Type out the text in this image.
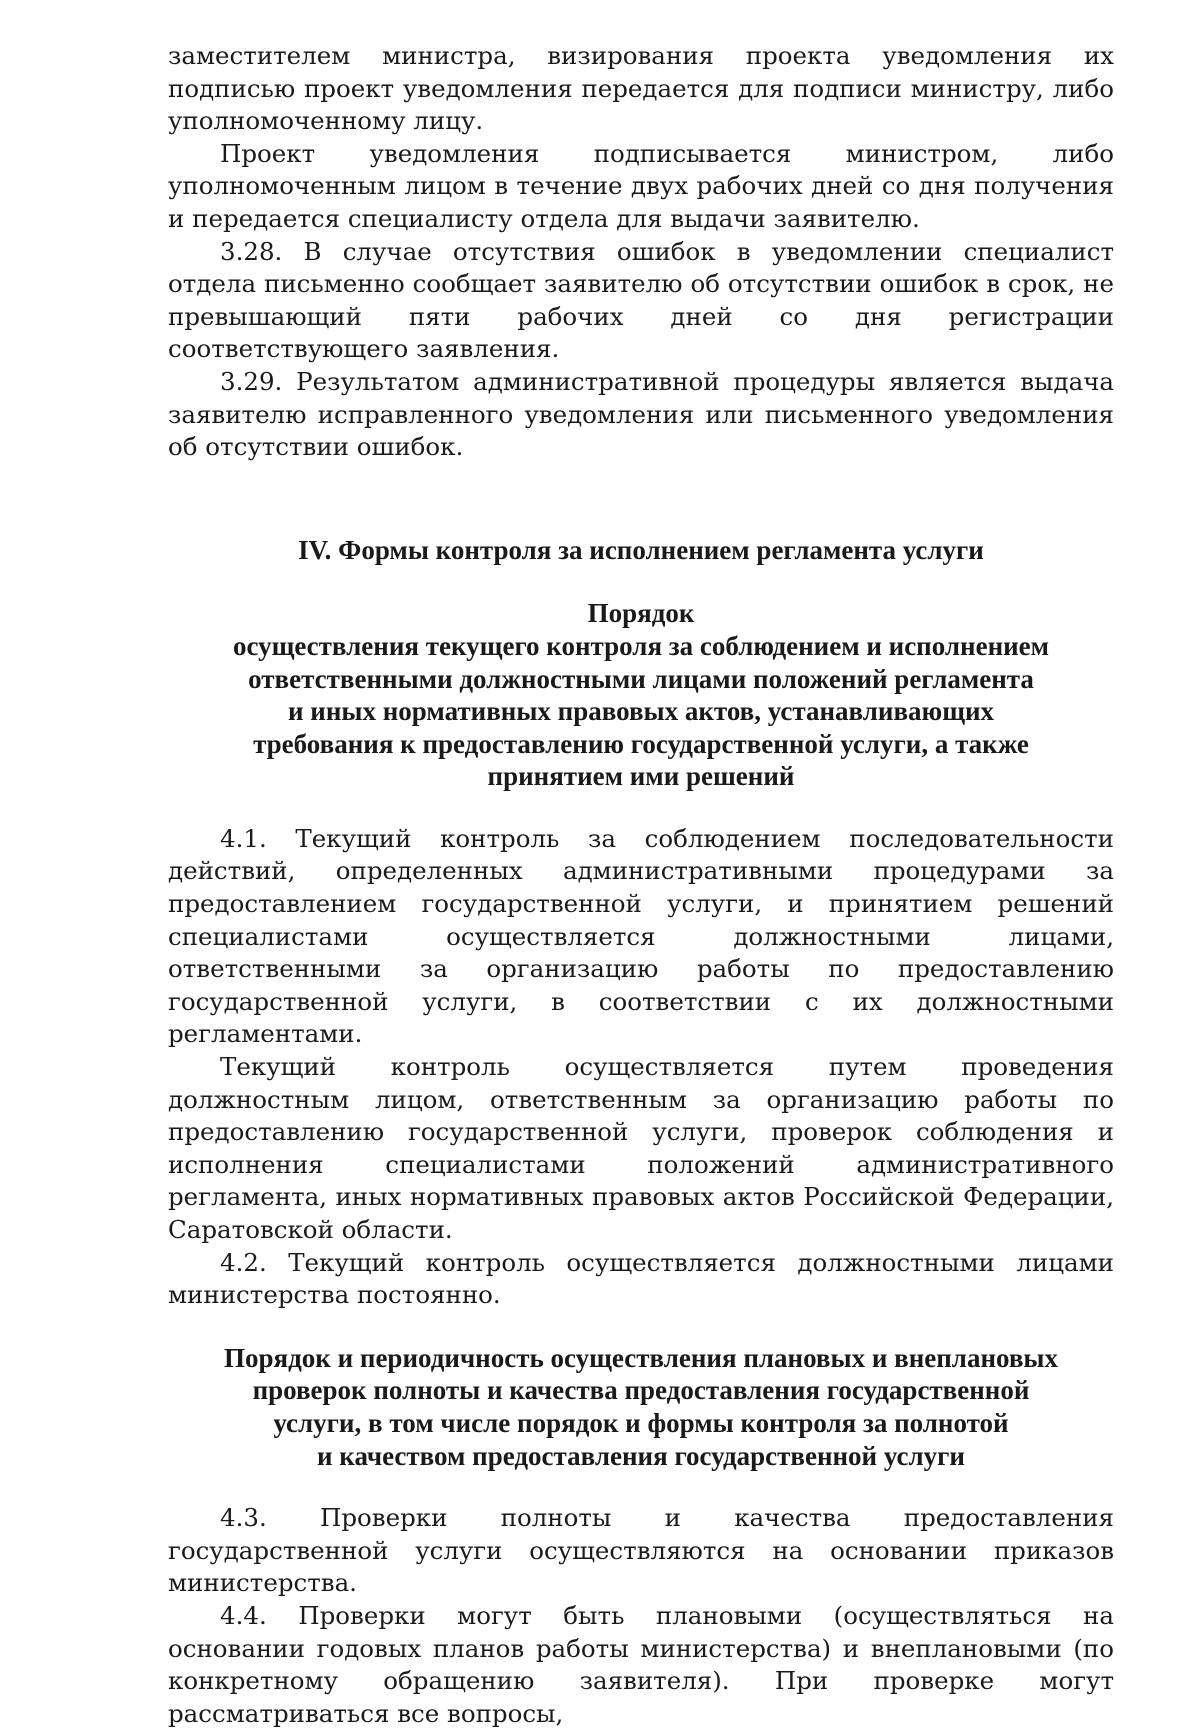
заместителем министра, визирования проекта уведомления их подписью проект уведомления передается для подписи министру, либо уполномоченному лицу.

Проект уведомления подписывается министром, либо уполномоченным лицом в течение двух рабочих дней со дня получения и передается специалисту отдела для выдачи заявителю.

3.28. В случае отсутствия ошибок в уведомлении специалист отдела письменно сообщает заявителю об отсутствии ошибок в срок, не превышающий пяти рабочих дней со дня регистрации соответствующего заявления.

3.29. Результатом административной процедуры является выдача заявителю исправленного уведомления или письменного уведомления об отсутствии ошибок.

IV. Формы контроля за исполнением регламента услуги
Порядок
осуществления текущего контроля за соблюдением и исполнением
ответственными должностными лицами положений регламента
и иных нормативных правовых актов, устанавливающих
требования к предоставлению государственной услуги, а также
принятием ими решений

4.1. Текущий контроль за соблюдением последовательности действий, определенных административными процедурами за предоставлением государственной услуги, и принятием решений специалистами осуществляется должностными лицами, ответственными за организацию работы по предоставлению государственной услуги, в соответствии с их должностными регламентами.

Текущий контроль осуществляется путем проведения должностным лицом, ответственным за организацию работы по предоставлению государственной услуги, проверок соблюдения и исполнения специалистами положений административного регламента, иных нормативных правовых актов Российской Федерации, Саратовской области.

4.2. Текущий контроль осуществляется должностными лицами министерства постоянно.

Порядок и периодичность осуществления плановых и внеплановых
проверок полноты и качества предоставления государственной
услуги, в том числе порядок и формы контроля за полнотой
и качеством предоставления государственной услуги

4.3. Проверки полноты и качества предоставления государственной услуги осуществляются на основании приказов министерства.

4.4. Проверки могут быть плановыми (осуществляться на основании годовых планов работы министерства) и внеплановыми (по конкретному обращению заявителя). При проверке могут рассматриваться все вопросы,
